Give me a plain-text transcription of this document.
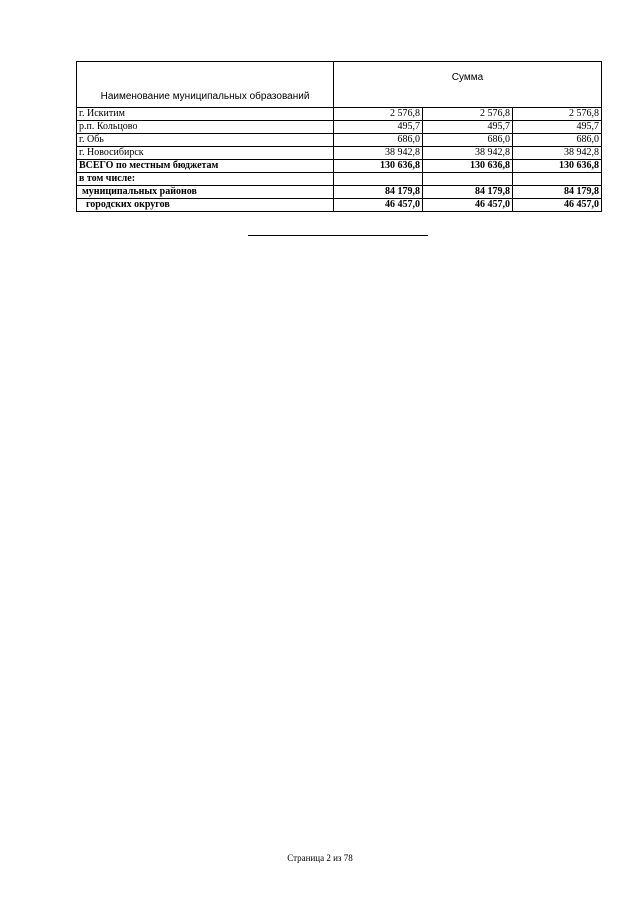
Наименование муниципальных образований	Сумма		
г. Искитим	2 576,8	2 576,8	2 576,8
р.п. Кольцово	495,7	495,7	495,7
г. Обь	686,0	686,0	686,0
г. Новосибирск	38 942,8	38 942,8	38 942,8
ВСЕГО по местным бюджетам	130 636,8	130 636,8	130 636,8
в том числе:			
муниципальных районов	84 179,8	84 179,8	84 179,8
городских округов	46 457,0	46 457,0	46 457,0
Страница 2 из 78
